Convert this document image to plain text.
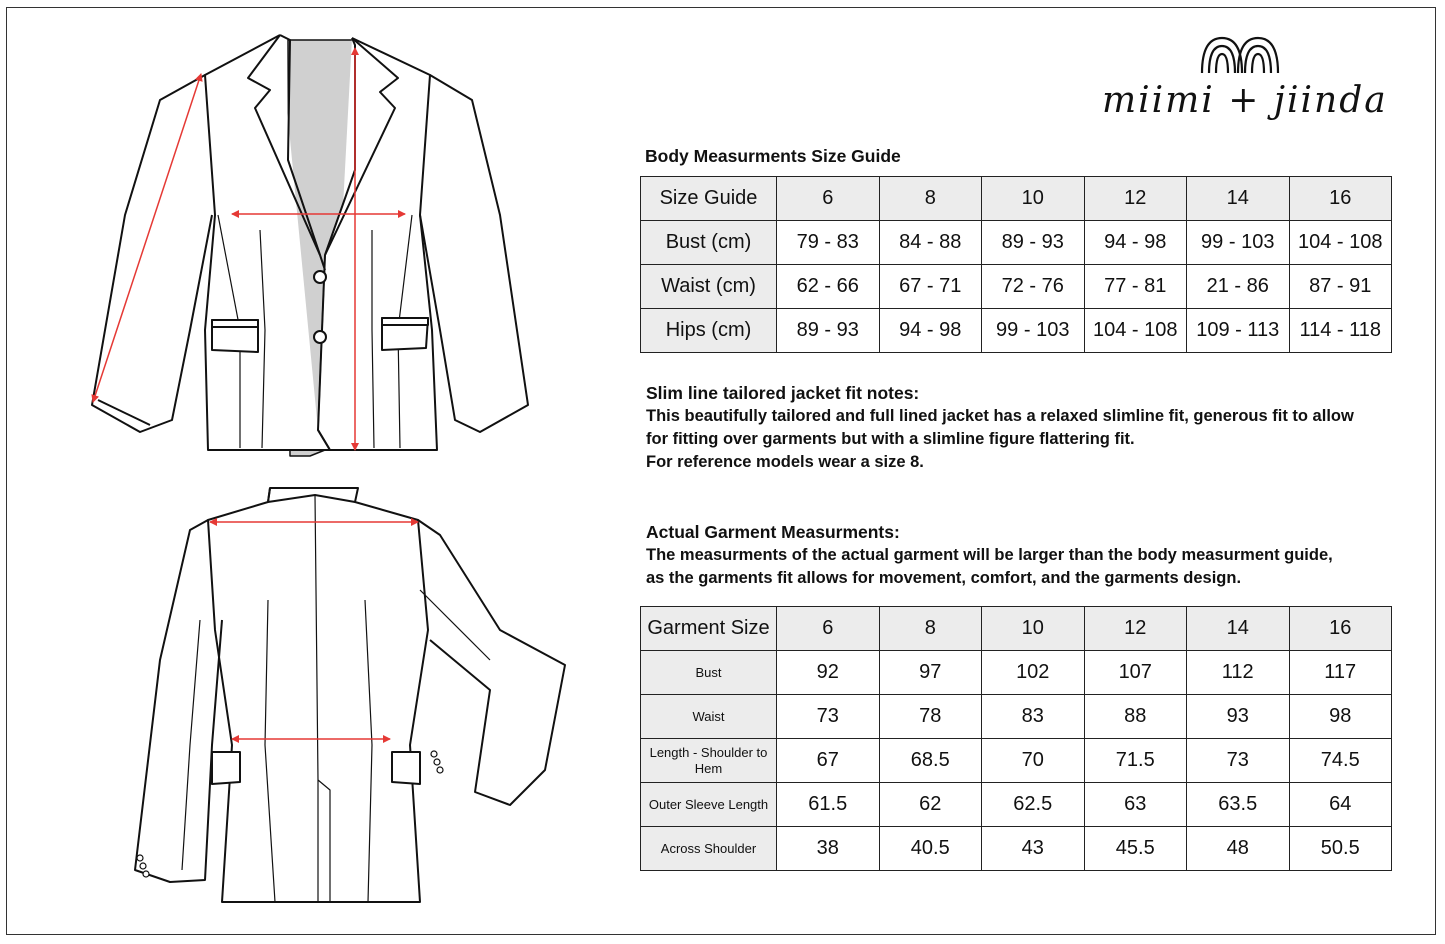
miimi + jiinda
Body Measurments Size Guide
Size Guide	6	8	10	12	14	16
Bust (cm)	79 - 83	84 - 88	89 - 93	94 - 98	99 - 103	104 - 108
Waist (cm)	62 - 66	67 - 71	72 - 76	77 - 81	21 - 86	87 - 91
Hips (cm)	89 - 93	94 - 98	99 - 103	104 - 108	109 - 113	114 - 118
Slim line tailored jacket fit notes:
This beautifully tailored and full lined jacket has a relaxed slimline fit, generous fit to allow
for fitting over garments but with a slimline figure flattering fit.
For reference models wear a size 8.
Actual Garment Measurments:
The measurments of the actual garment will be larger than the body measurment guide,
as the garments fit allows for movement, comfort, and the garments design.
Garment Size	6	8	10	12	14	16
Bust	92	97	102	107	112	117
Waist	73	78	83	88	93	98
Length - Shoulder to Hem	67	68.5	70	71.5	73	74.5
Outer Sleeve Length	61.5	62	62.5	63	63.5	64
Across Shoulder	38	40.5	43	45.5	48	50.5
